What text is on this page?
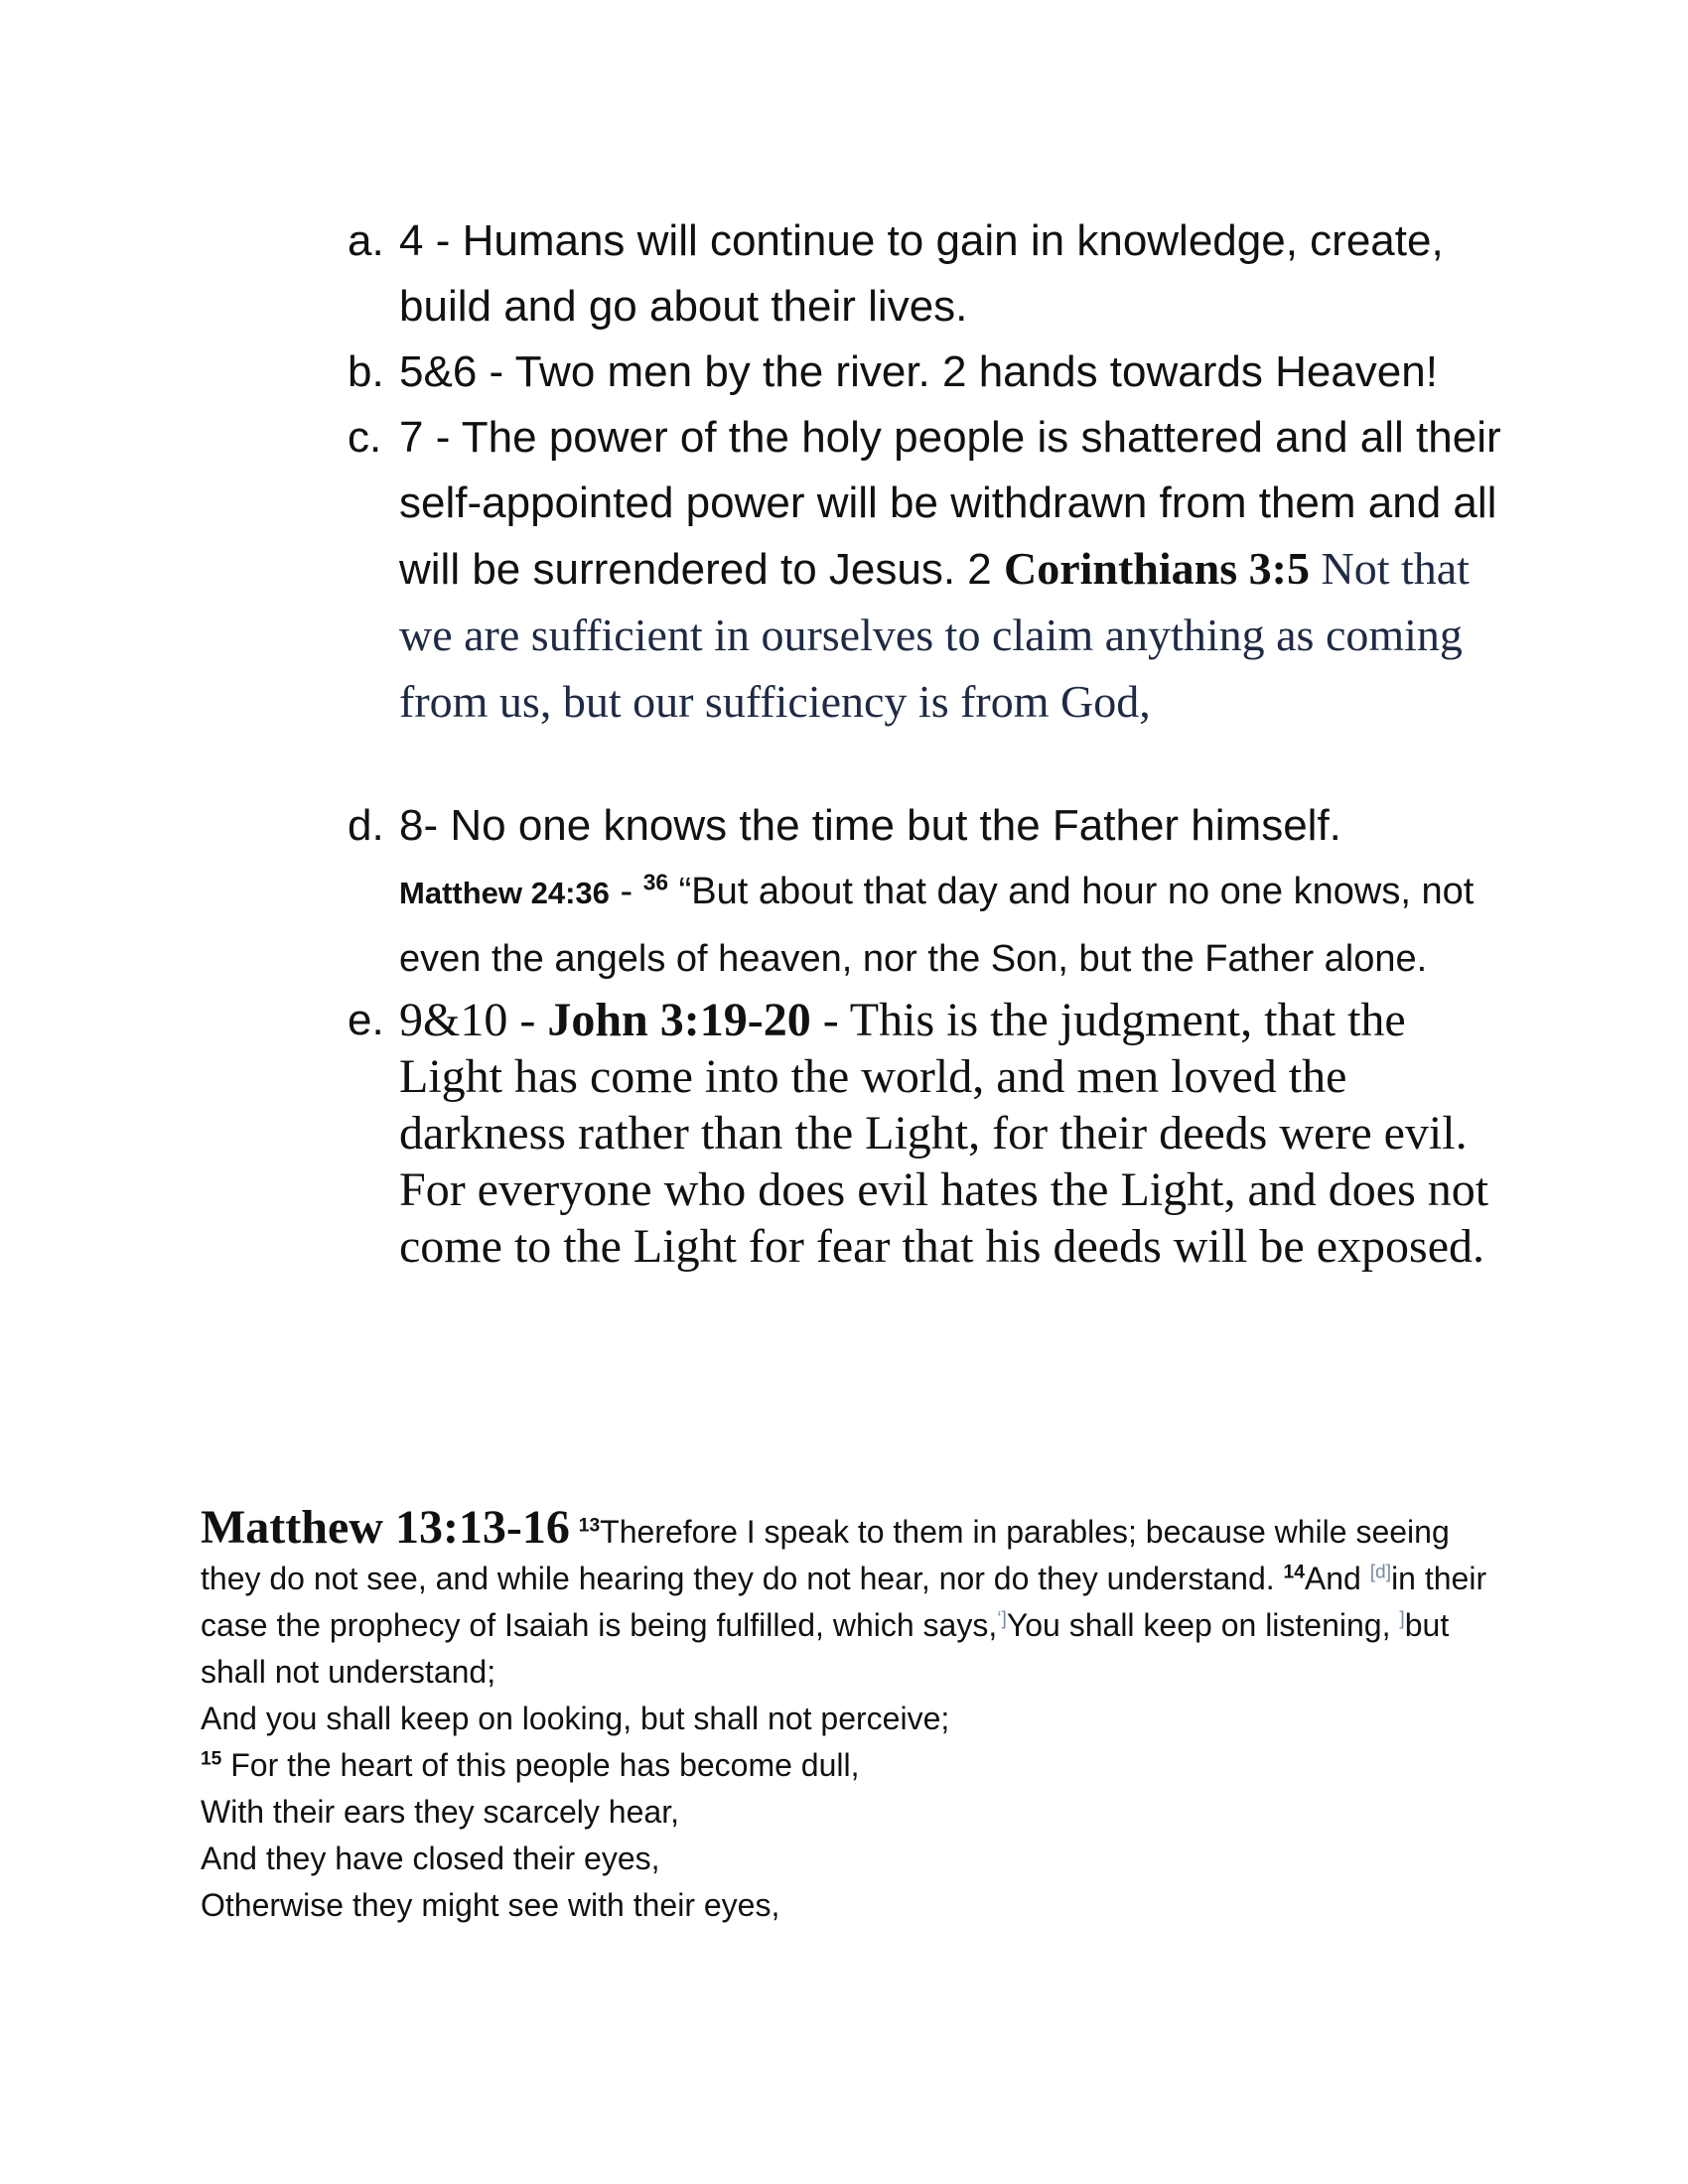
a. 4 - Humans will continue to gain in knowledge, create, build and go about their lives.
b. 5&6 - Two men by the river. 2 hands towards Heaven!
c. 7 - The power of the holy people is shattered and all their self-appointed power will be withdrawn from them and all will be surrendered to Jesus. 2 Corinthians 3:5 Not that we are sufficient in ourselves to claim anything as coming from us, but our sufficiency is from God,
d. 8- No one knows the time but the Father himself.
Matthew 24:36 - $^{36}$ “But about that day and hour no one knows, not even the angels of heaven, nor the Son, but the Father alone.
e. 9&10 - John 3:19-20 - This is the judgment, that the Light has come into the world, and men loved the darkness rather than the Light, for their deeds were evil. For everyone who does evil hates the Light, and does not come to the Light for fear that his deeds will be exposed.
Matthew 13:13-16 $^{13}$Therefore I speak to them in parables; because while seeing they do not see, and while hearing they do not hear, nor do they understand. $^{14}$And [d]in their case the prophecy of Isaiah is being fulfilled, which says,‘]You shall keep on listening, ]but shall not understand;
And you shall keep on looking, but shall not perceive;
$^{15}$ For the heart of this people has become dull,
With their ears they scarcely hear,
And they have closed their eyes,
Otherwise they might see with their eyes,
